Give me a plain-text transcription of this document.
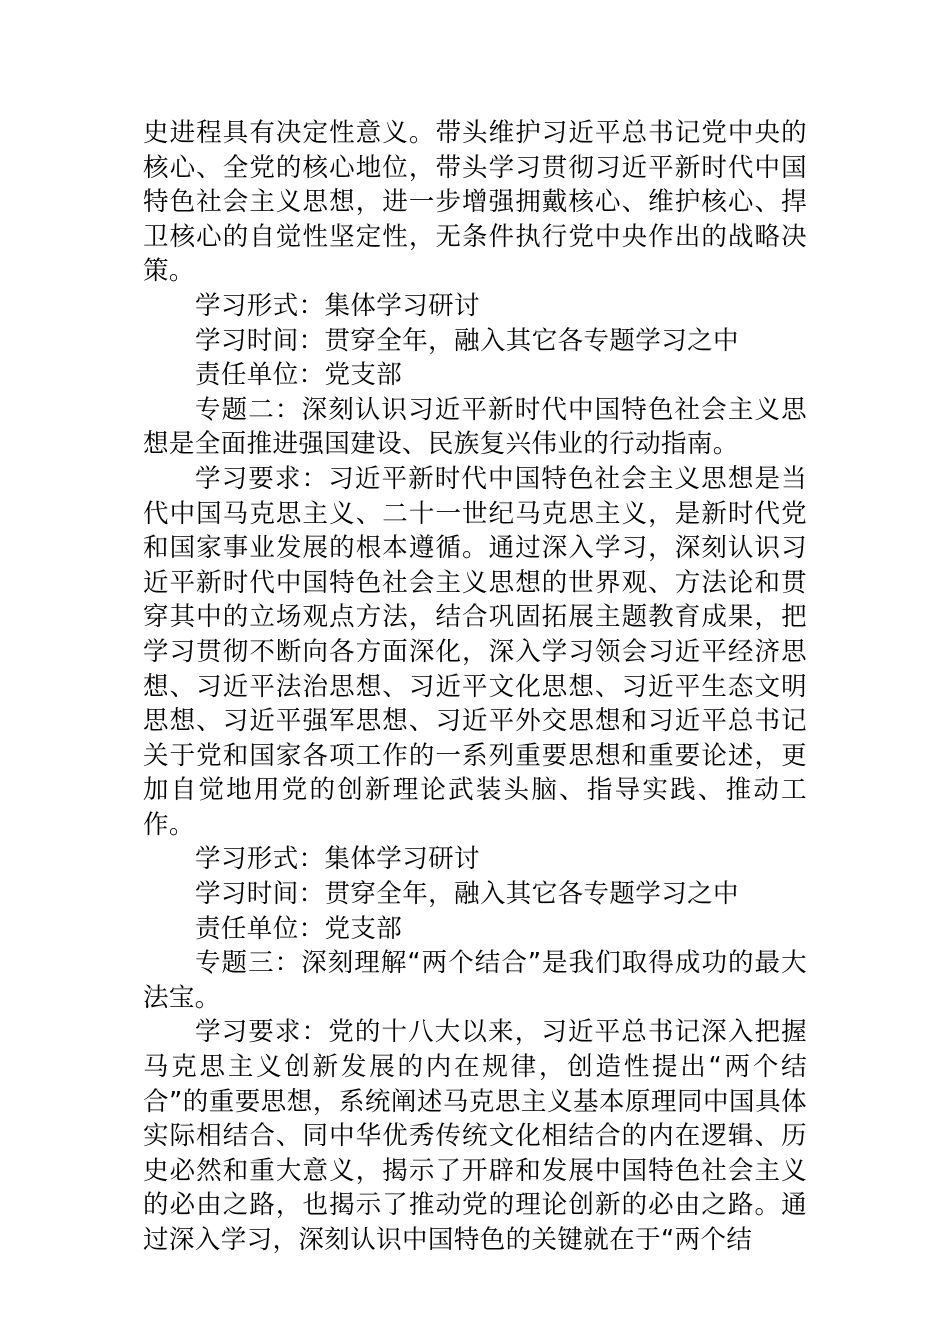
史进程具有决定性意义。带头维护习近平总书记党中央的核心、全党的核心地位，带头学习贯彻习近平新时代中国特色社会主义思想，进一步增强拥戴核心、维护核心、捍卫核心的自觉性坚定性，无条件执行党中央作出的战略决策。

学习形式：集体学习研讨

学习时间：贯穿全年，融入其它各专题学习之中

责任单位：党支部

专题二：深刻认识习近平新时代中国特色社会主义思想是全面推进强国建设、民族复兴伟业的行动指南。

学习要求：习近平新时代中国特色社会主义思想是当代中国马克思主义、二十一世纪马克思主义，是新时代党和国家事业发展的根本遵循。通过深入学习，深刻认识习近平新时代中国特色社会主义思想的世界观、方法论和贯穿其中的立场观点方法，结合巩固拓展主题教育成果，把学习贯彻不断向各方面深化，深入学习领会习近平经济思想、习近平法治思想、习近平文化思想、习近平生态文明思想、习近平强军思想、习近平外交思想和习近平总书记关于党和国家各项工作的一系列重要思想和重要论述，更加自觉地用党的创新理论武装头脑、指导实践、推动工作。

学习形式：集体学习研讨

学习时间：贯穿全年，融入其它各专题学习之中

责任单位：党支部

专题三：深刻理解“两个结合”是我们取得成功的最大法宝。

学习要求：党的十八大以来，习近平总书记深入把握马克思主义创新发展的内在规律，创造性提出“两个结合”的重要思想，系统阐述马克思主义基本原理同中国具体实际相结合、同中华优秀传统文化相结合的内在逻辑、历史必然和重大意义，揭示了开辟和发展中国特色社会主义的必由之路，也揭示了推动党的理论创新的必由之路。通过深入学习，深刻认识中国特色的关键就在于“两个结
